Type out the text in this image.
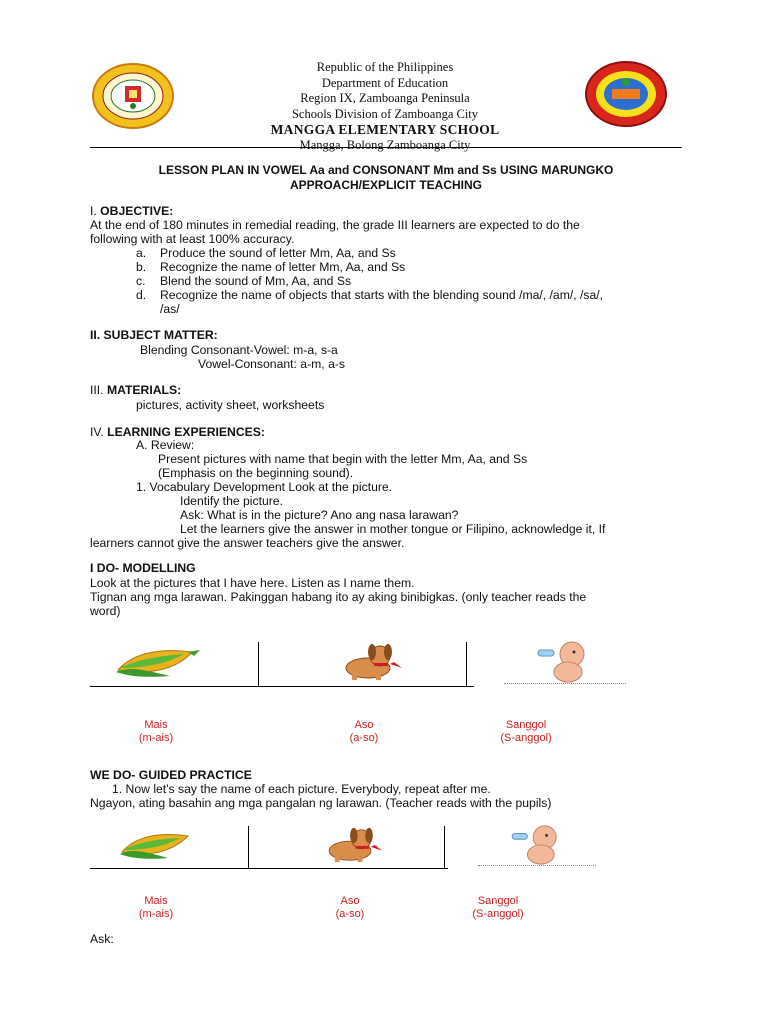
Republic of the Philippines
Department of Education
Region IX, Zamboanga Peninsula
Schools Division of Zamboanga City
MANGGA ELEMENTARY SCHOOL
Mangga, Bolong Zamboanga City
LESSON PLAN IN VOWEL Aa and CONSONANT Mm and Ss USING MARUNGKO
APPROACH/EXPLICIT TEACHING
I. OBJECTIVE:
At the end of 180 minutes in remedial reading, the grade III learners are expected to do the
following with at least 100% accuracy.
a. Produce the sound of letter Mm, Aa, and Ss
b. Recognize the name of letter Mm, Aa, and Ss
c. Blend the sound of Mm, Aa, and Ss
d. Recognize the name of objects that starts with the blending sound /ma/, /am/, /sa/,
/as/
II. SUBJECT MATTER:
Blending Consonant-Vowel: m-a, s-a
Vowel-Consonant: a-m, a-s
III. MATERIALS:
pictures, activity sheet, worksheets
IV. LEARNING EXPERIENCES:
A. Review:
Present pictures with name that begin with the letter Mm, Aa, and Ss
(Emphasis on the beginning sound).
1. Vocabulary Development Look at the picture.
Identify the picture.
Ask: What is in the picture? Ano ang nasa larawan?
Let the learners give the answer in mother tongue or Filipino, acknowledge it, If
learners cannot give the answer teachers give the answer.
I DO- MODELLING
Look at the pictures that I have here. Listen as I name them.
Tignan ang mga larawan. Pakinggan habang ito ay aking binibigkas. (only teacher reads the
word)
Mais
(m-ais)
Aso
(a-so)
Sanggol
(S-anggol)
WE DO- GUIDED PRACTICE
1. Now let's say the name of each picture. Everybody, repeat after me.
Ngayon, ating basahin ang mga pangalan ng larawan. (Teacher reads with the pupils)
Mais
(m-ais)
Aso
(a-so)
Sanggol
(S-anggol)
Ask:
